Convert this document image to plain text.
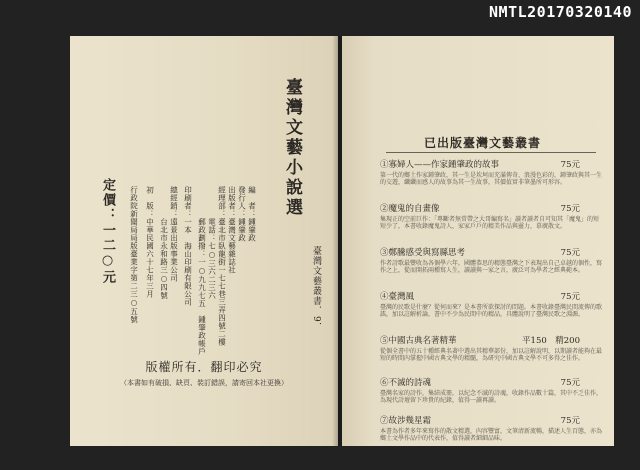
NMTL20170320140
臺灣文藝小說選
臺灣文藝叢書．9．
編　者：鍾肇政
發行人：鍾肇政
出版者：臺灣文藝雜誌社
經理部：臺北市臥龍街一七七巷三弄四號二樓
　　　　電話：七○三六二三六
　　　　郵政劃撥：一○九九七五　鍾肇政帳戶
印刷者：一本　海山印刷有限公司
總經銷：遠景出版事業公司
　　　　台北市永和路三○四號
初　版：中華民國六十七年三月
行政院新聞局局版臺業字第二三○五號
定價：一二○元
版權所有．翻印必究
（本書如有破損、缺頁、裝訂錯誤，請寄回本社更換）
已出版臺灣文藝叢書
①寡婦人——作家鍾肇政的故事	75元
第一代的鄉土作家鍾肇政，其一生是坎坷而充滿傳奇、浪漫色彩的，鍾肇政與其一生的交遊，纖纖而感人的故事為其一生故事，其價值實非筆墨所可形容。
②魔鬼的自畫像	75元
集現正的空前巨作：「專斷者無常帶之大哥編寫名」讀者讀者自可知其「魔鬼」的短短少了，本書收錄魔鬼詩人，家家戶戶的精美作品與靈力，慕廣散文。
③鄭騰感受與寫縣思考	75元
作者詩歌最豐收為各個學六年，國體恭思的精態臺灣之下表現出自己卓越的個性，寫作之上，從而開拓兩種寫人生，讀讀與一家之言，廣泛可為學者之經典範本。
④臺灣風	75元
臺灣的民歌是什麼？從何而來？是本書所欲探討的問題。本書收錄臺灣民間流傳的歌謠，加以註解析論，書中不少為民間中的精品，具體說明了臺灣民歌之淵源。
⑤中國古典名著精華	平150　精200
從個全書中的五十種經典名著中選出其精華部份，加以註解說明，以期讀者能夠在最短的時間內掌握中國古典文學的精髓，為研究中國古典文學不可多得之佳作。
⑥不滅的詩魂	75元
臺灣名家的詩作，集結成冊，以紀念不滅的詩魂，收錄作品數十篇，其中不乏佳作，為現代詩壇留下珍貴的紀錄，值得一讀再讀。
⑦故涉幾星霜	75元
本書為作者多年來寫作的散文精選，內容豐富，文筆清新流暢，描述人生百態，亦為鄉土文學作品中的代表作，值得讀者細細品味。
